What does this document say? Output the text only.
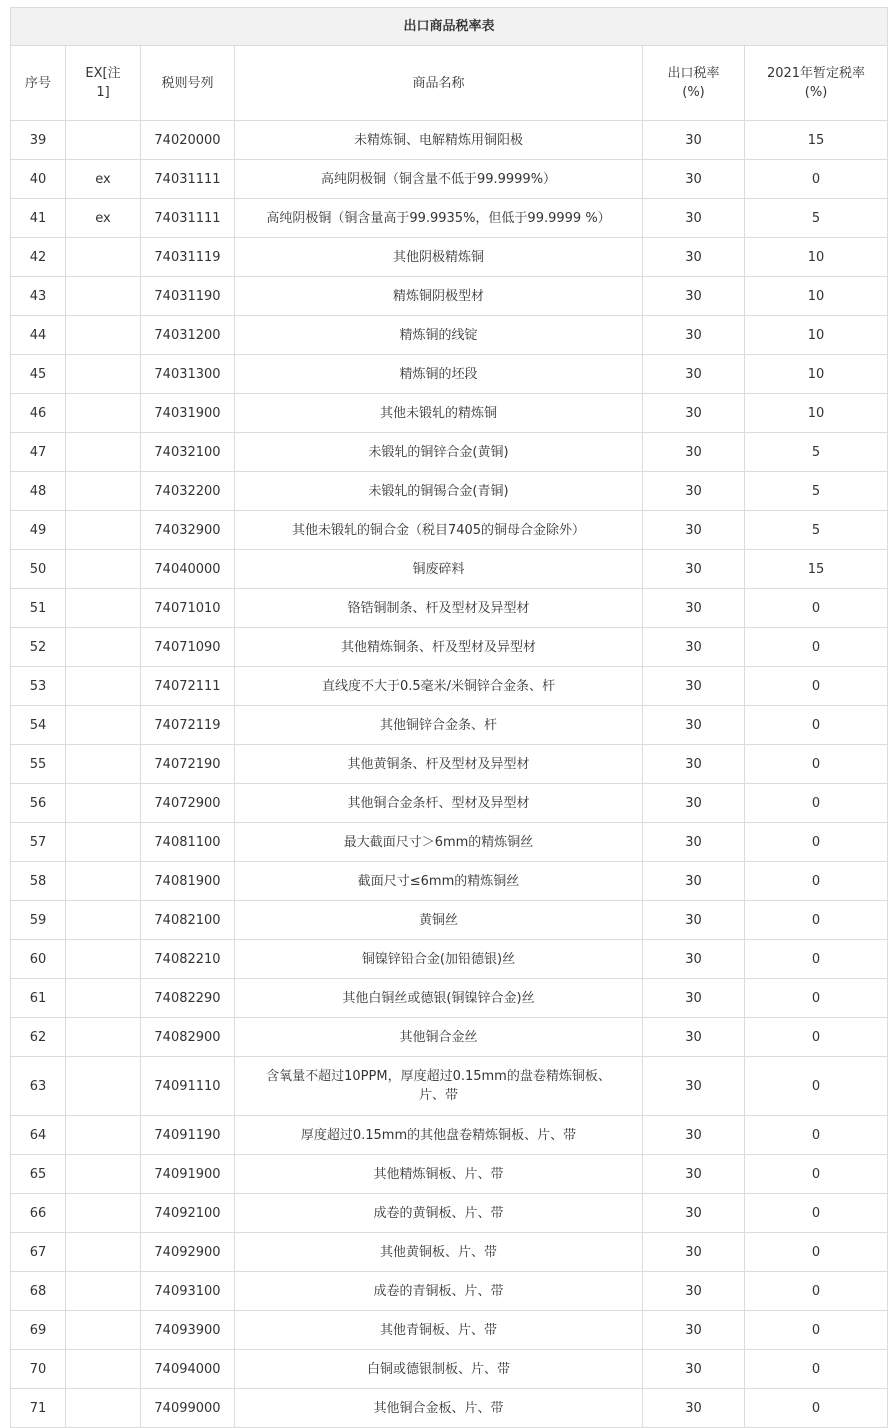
出口商品税率表					
序号	EX[注1]	税则号列	商品名称	出口税率(%)	2021年暂定税率(%)
39		74020000	未精炼铜、电解精炼用铜阳极	30	15
40	ex	74031111	高纯阴极铜（铜含量不低于99.9999%）	30	0
41	ex	74031111	高纯阴极铜（铜含量高于99.9935%，但低于99.9999 %）	30	5
42		74031119	其他阴极精炼铜	30	10
43		74031190	精炼铜阴极型材	30	10
44		74031200	精炼铜的线锭	30	10
45		74031300	精炼铜的坯段	30	10
46		74031900	其他未锻轧的精炼铜	30	10
47		74032100	未锻轧的铜锌合金(黄铜)	30	5
48		74032200	未锻轧的铜锡合金(青铜)	30	5
49		74032900	其他未锻轧的铜合金（税目7405的铜母合金除外）	30	5
50		74040000	铜废碎料	30	15
51		74071010	铬锆铜制条、杆及型材及异型材	30	0
52		74071090	其他精炼铜条、杆及型材及异型材	30	0
53		74072111	直线度不大于0.5毫米/米铜锌合金条、杆	30	0
54		74072119	其他铜锌合金条、杆	30	0
55		74072190	其他黄铜条、杆及型材及异型材	30	0
56		74072900	其他铜合金条杆、型材及异型材	30	0
57		74081100	最大截面尺寸＞6mm的精炼铜丝	30	0
58		74081900	截面尺寸≤6mm的精炼铜丝	30	0
59		74082100	黄铜丝	30	0
60		74082210	铜镍锌铅合金(加铅德银)丝	30	0
61		74082290	其他白铜丝或德银(铜镍锌合金)丝	30	0
62		74082900	其他铜合金丝	30	0
63		74091110	含氧量不超过10PPM，厚度超过0.15mm的盘卷精炼铜板、片、带	30	0
64		74091190	厚度超过0.15mm的其他盘卷精炼铜板、片、带	30	0
65		74091900	其他精炼铜板、片、带	30	0
66		74092100	成卷的黄铜板、片、带	30	0
67		74092900	其他黄铜板、片、带	30	0
68		74093100	成卷的青铜板、片、带	30	0
69		74093900	其他青铜板、片、带	30	0
70		74094000	白铜或德银制板、片、带	30	0
71		74099000	其他铜合金板、片、带	30	0
